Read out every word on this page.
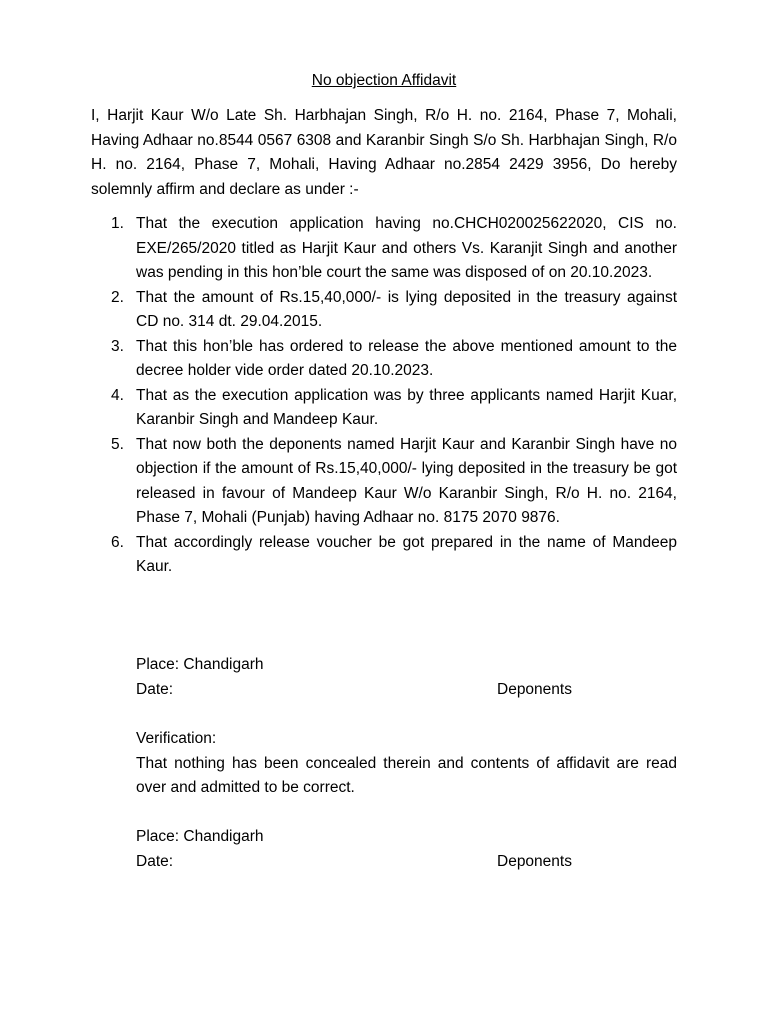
No objection Affidavit

I, Harjit Kaur W/o Late Sh. Harbhajan Singh, R/o H. no. 2164, Phase 7, Mohali, Having Adhaar no.8544 0567 6308 and Karanbir Singh S/o Sh. Harbhajan Singh, R/o H. no. 2164, Phase 7, Mohali, Having Adhaar no.2854 2429 3956, Do hereby solemnly affirm and declare as under :-

1. That the execution application having no.CHCH020025622020, CIS no. EXE/265/2020 titled as Harjit Kaur and others Vs. Karanjit Singh and another was pending in this hon’ble court the same was disposed of on 20.10.2023.
2. That the amount of Rs.15,40,000/- is lying deposited in the treasury against CD no. 314 dt. 29.04.2015.
3. That this hon’ble has ordered to release the above mentioned amount to the decree holder vide order dated 20.10.2023.
4. That as the execution application was by three applicants named Harjit Kuar, Karanbir Singh and Mandeep Kaur.
5. That now both the deponents named Harjit Kaur and Karanbir Singh have no objection if the amount of Rs.15,40,000/- lying deposited in the treasury be got released in favour of Mandeep Kaur W/o Karanbir Singh, R/o H. no. 2164, Phase 7, Mohali (Punjab) having Adhaar no. 8175 2070 9876.
6. That accordingly release voucher be got prepared in the name of Mandeep Kaur.
Place: Chandigarh
Date:	Deponents
Verification:
That nothing has been concealed therein and contents of affidavit are read over and admitted to be correct.
Place: Chandigarh
Date:	Deponents
